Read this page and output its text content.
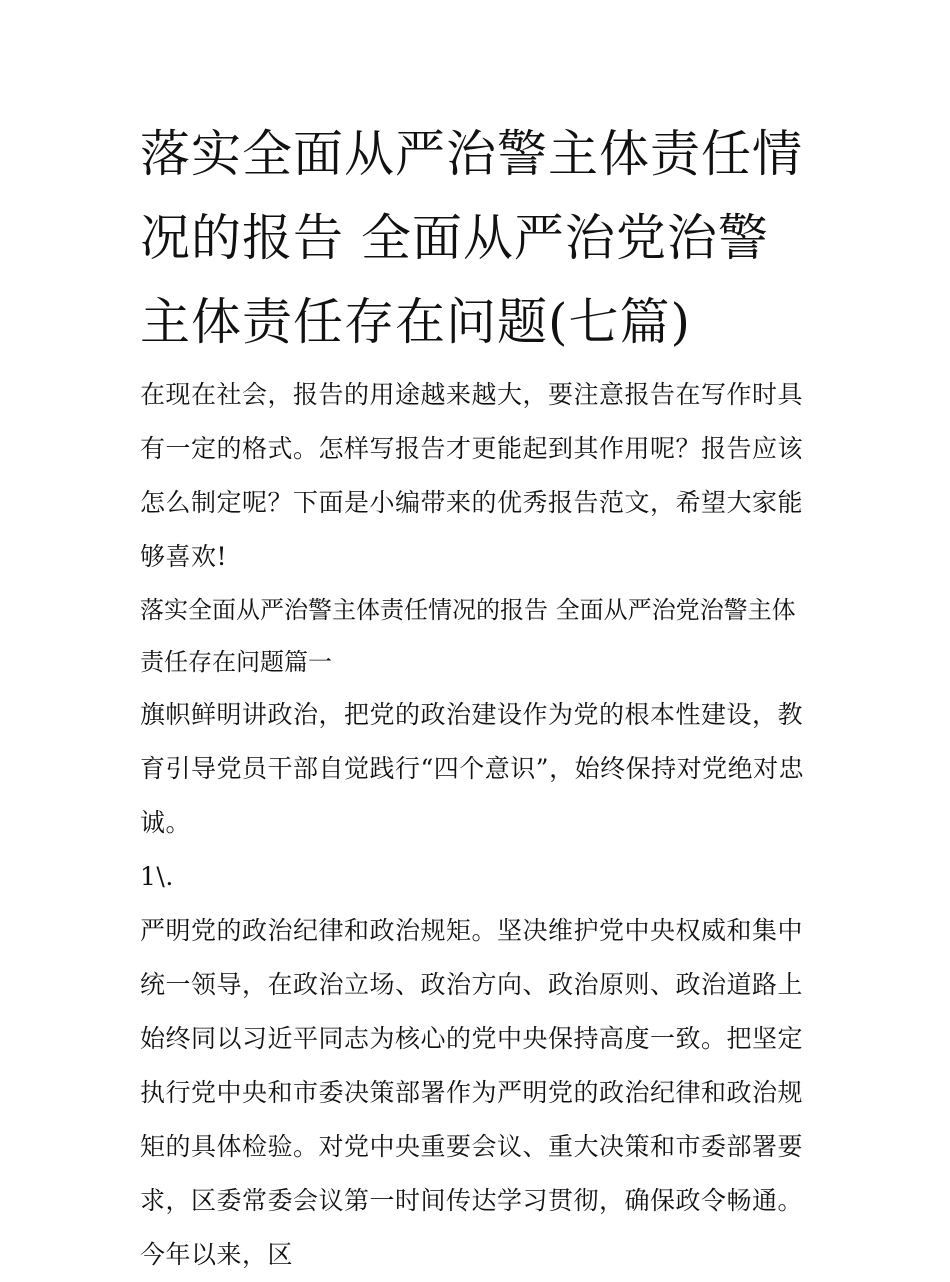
落实全面从严治警主体责任情况的报告 全面从严治党治警主体责任存在问题(七篇)

在现在社会，报告的用途越来越大，要注意报告在写作时具有一定的格式。怎样写报告才更能起到其作用呢？报告应该怎么制定呢？下面是小编带来的优秀报告范文，希望大家能够喜欢!

落实全面从严治警主体责任情况的报告 全面从严治党治警主体责任存在问题篇一

旗帜鲜明讲政治，把党的政治建设作为党的根本性建设，教育引导党员干部自觉践行“四个意识”，始终保持对党绝对忠诚。

1\.

严明党的政治纪律和政治规矩。坚决维护党中央权威和集中统一领导，在政治立场、政治方向、政治原则、政治道路上始终同以习近平同志为核心的党中央保持高度一致。把坚定执行党中央和市委决策部署作为严明党的政治纪律和政治规矩的具体检验。对党中央重要会议、重大决策和市委部署要求，区委常委会议第一时间传达学习贯彻，确保政令畅通。今年以来，区
